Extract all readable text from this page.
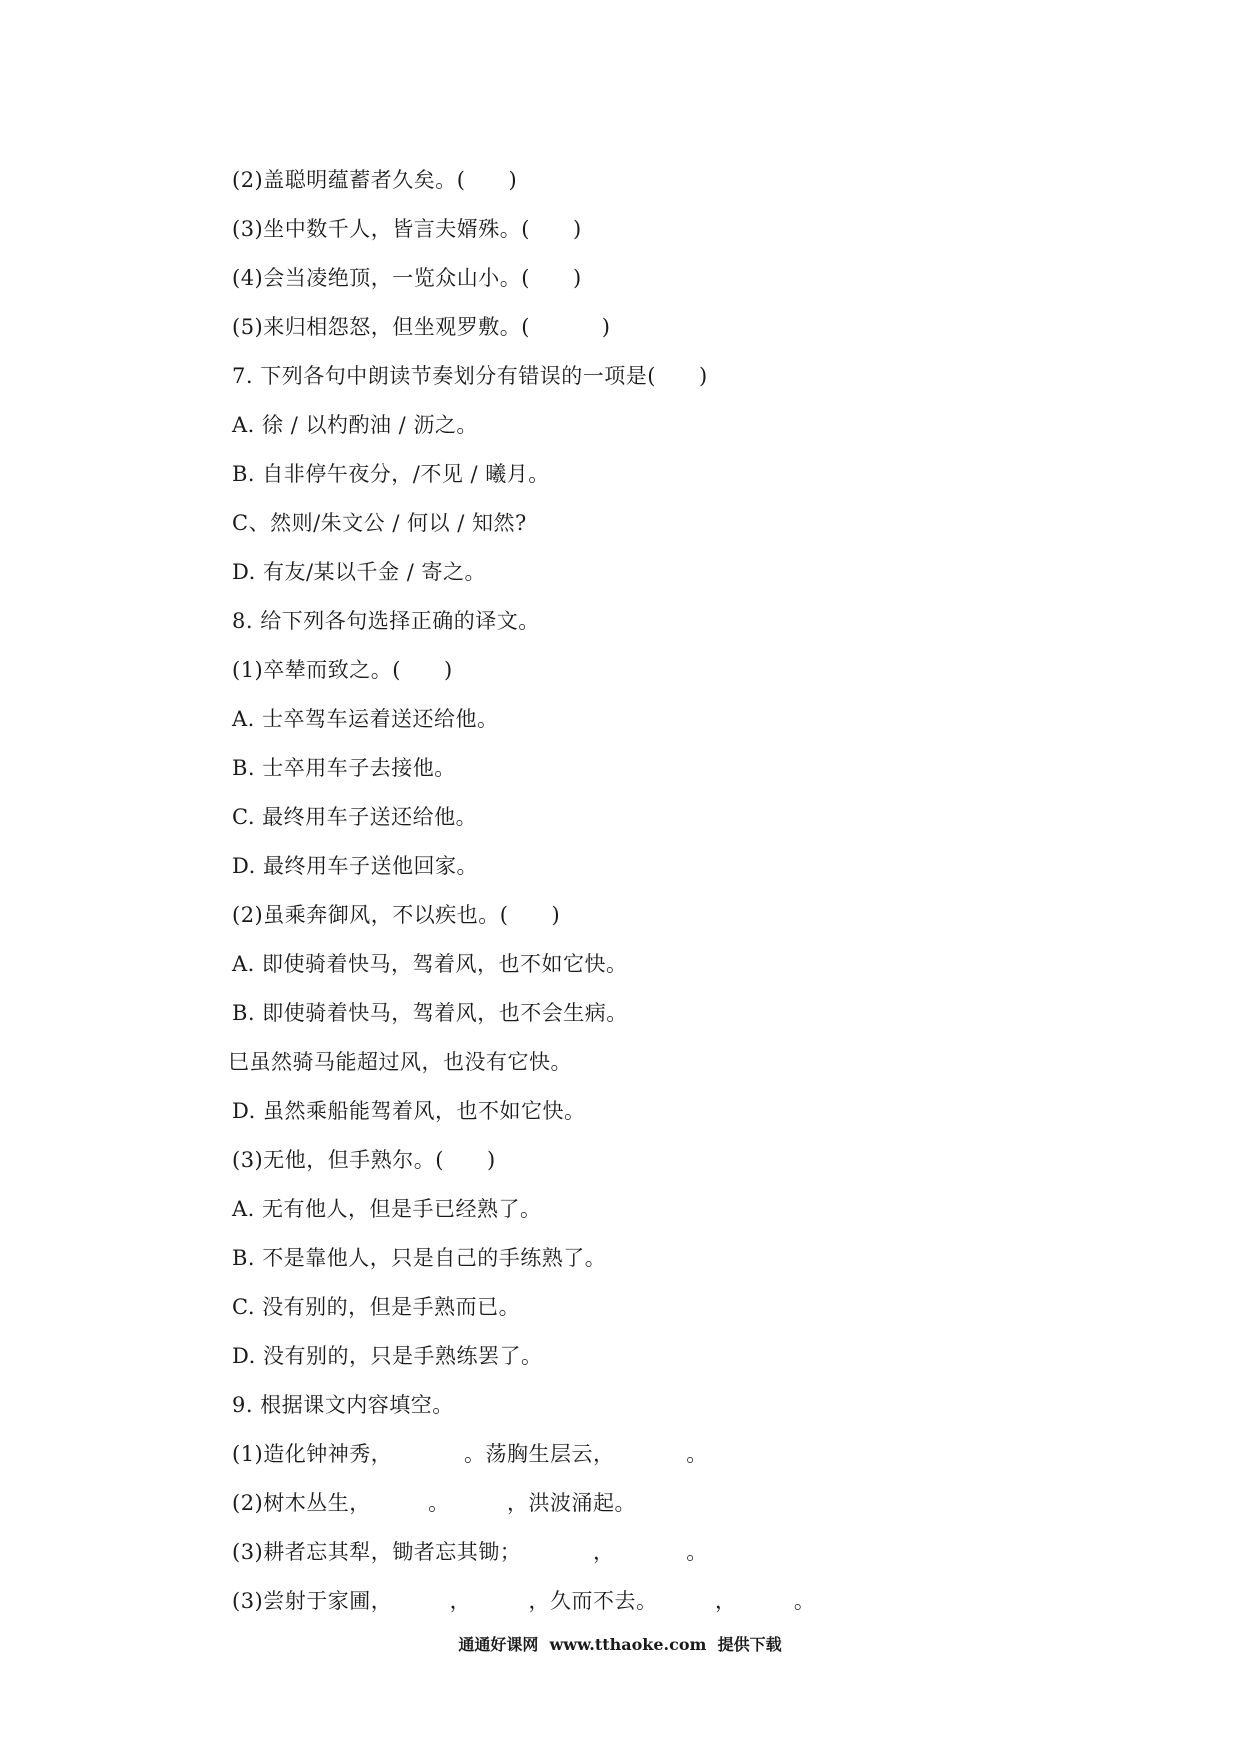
(2)盖聪明蕴蓄者久矣。(      )
(3)坐中数千人，皆言夫婿殊。(      )
(4)会当凌绝顶，一览众山小。(      )
(5)来归相怨怒，但坐观罗敷。(          )
7. 下列各句中朗读节奏划分有错误的一项是(      )
A. 徐 / 以杓酌油 / 沥之。
B. 自非停午夜分，/不见 / 曦月。
C、然则/朱文公 / 何以 / 知然?
D. 有友/某以千金 / 寄之。
8. 给下列各句选择正确的译文。
(1)卒辇而致之。(      )
A. 士卒驾车运着送还给他。
B. 士卒用车子去接他。
C. 最终用车子送还给他。
D. 最终用车子送他回家。
(2)虽乘奔御风，不以疾也。(      )
A. 即使骑着快马，驾着风，也不如它快。
B. 即使骑着快马，驾着风，也不会生病。
巳虽然骑马能超过风，也没有它快。
D. 虽然乘船能驾着风，也不如它快。
(3)无他，但手熟尔。(      )
A. 无有他人，但是手已经熟了。
B. 不是靠他人，只是自己的手练熟了。
C. 没有别的，但是手熟而已。
D. 没有别的，只是手熟练罢了。
9. 根据课文内容填空。
(1)造化钟神秀，          。荡胸生层云，          。
(2)树木丛生，        。        ，洪波涌起。
(3)耕者忘其犁，锄者忘其锄；          ，          。
(3)尝射于家圃，        ，        ，久而不去。        ，        。
通通好课网  www.tthaoke.com  提供下载
